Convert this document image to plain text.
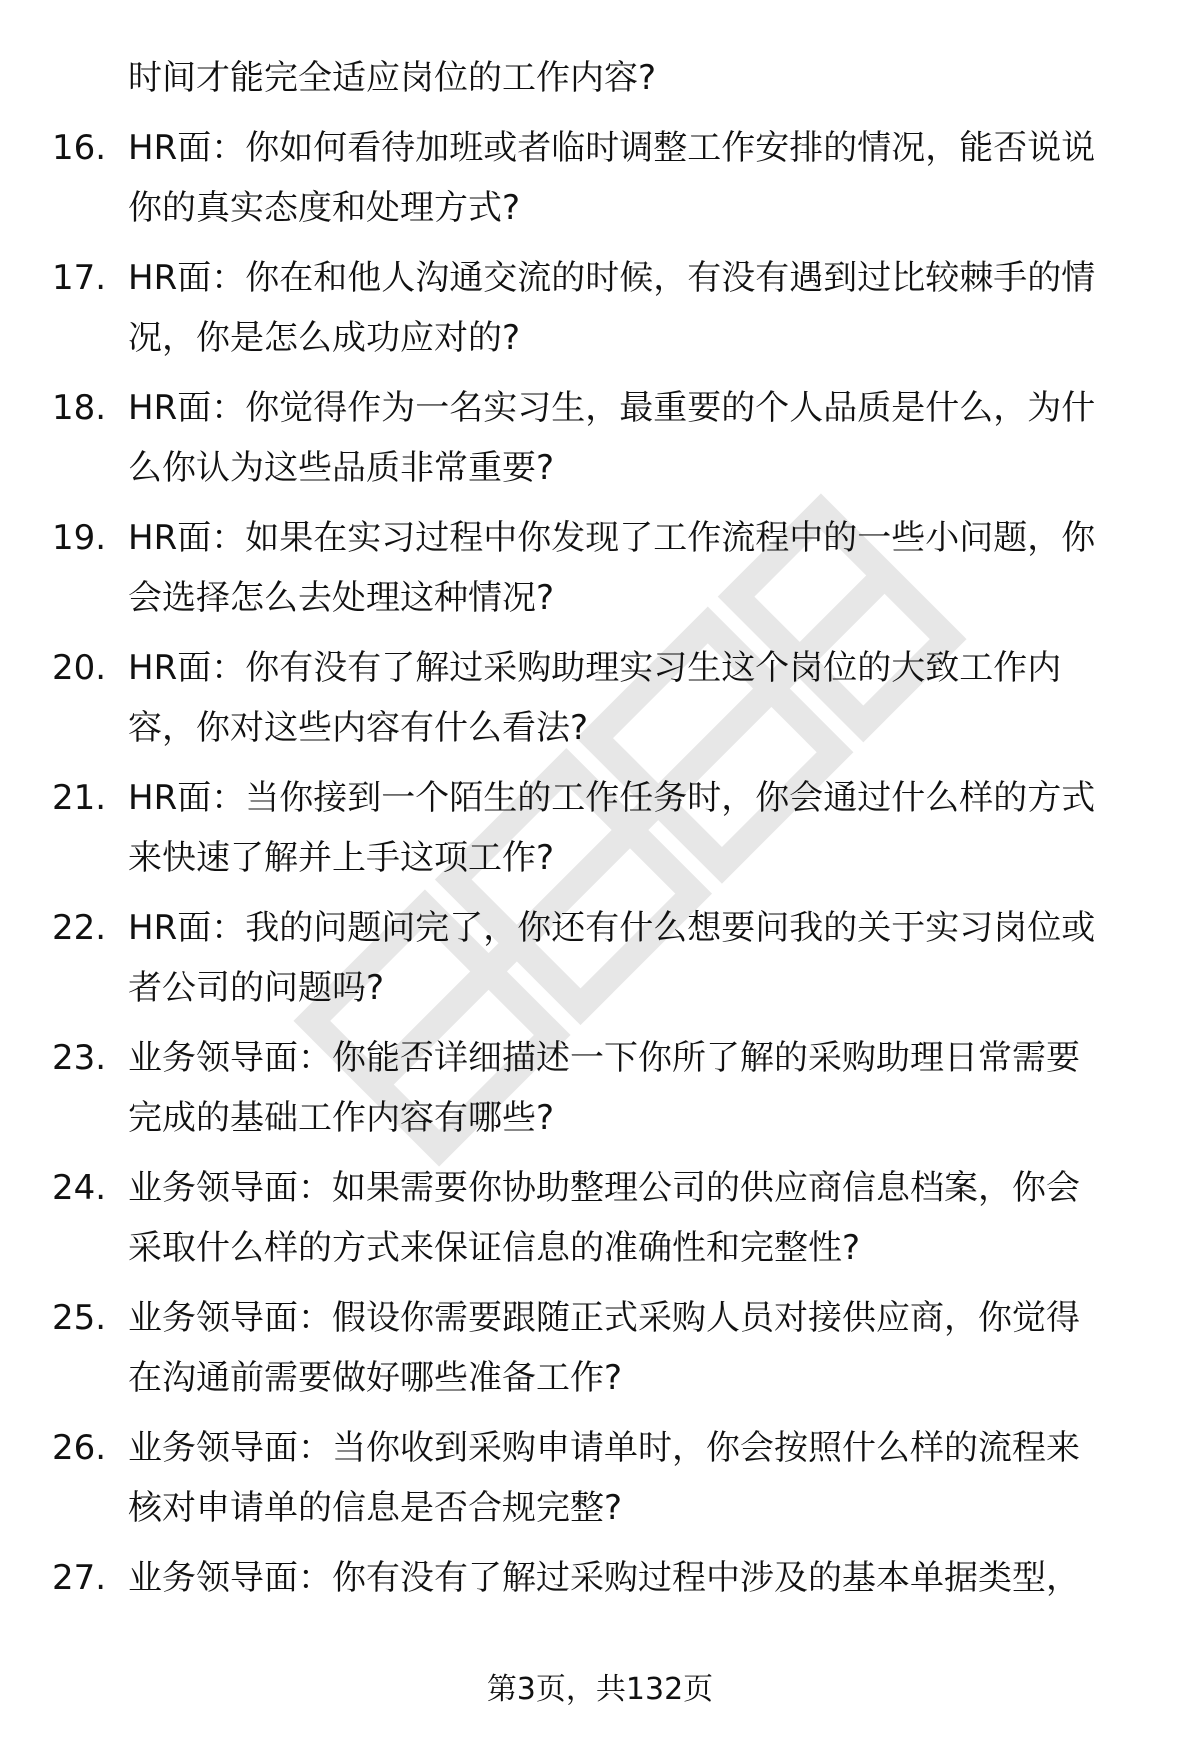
时间才能完全适应岗位的工作内容?
16. HR面：你如何看待加班或者临时调整工作安排的情况，能否说说
你的真实态度和处理方式?
17. HR面：你在和他人沟通交流的时候，有没有遇到过比较棘手的情
况，你是怎么成功应对的?
18. HR面：你觉得作为一名实习生，最重要的个人品质是什么，为什
么你认为这些品质非常重要?
19. HR面：如果在实习过程中你发现了工作流程中的一些小问题，你
会选择怎么去处理这种情况?
20. HR面：你有没有了解过采购助理实习生这个岗位的大致工作内
容，你对这些内容有什么看法?
21. HR面：当你接到一个陌生的工作任务时，你会通过什么样的方式
来快速了解并上手这项工作?
22. HR面：我的问题问完了，你还有什么想要问我的关于实习岗位或
者公司的问题吗?
23. 业务领导面：你能否详细描述一下你所了解的采购助理日常需要
完成的基础工作内容有哪些?
24. 业务领导面：如果需要你协助整理公司的供应商信息档案，你会
采取什么样的方式来保证信息的准确性和完整性?
25. 业务领导面：假设你需要跟随正式采购人员对接供应商，你觉得
在沟通前需要做好哪些准备工作?
26. 业务领导面：当你收到采购申请单时，你会按照什么样的流程来
核对申请单的信息是否合规完整?
27. 业务领导面：你有没有了解过采购过程中涉及的基本单据类型，
第3页，共132页
